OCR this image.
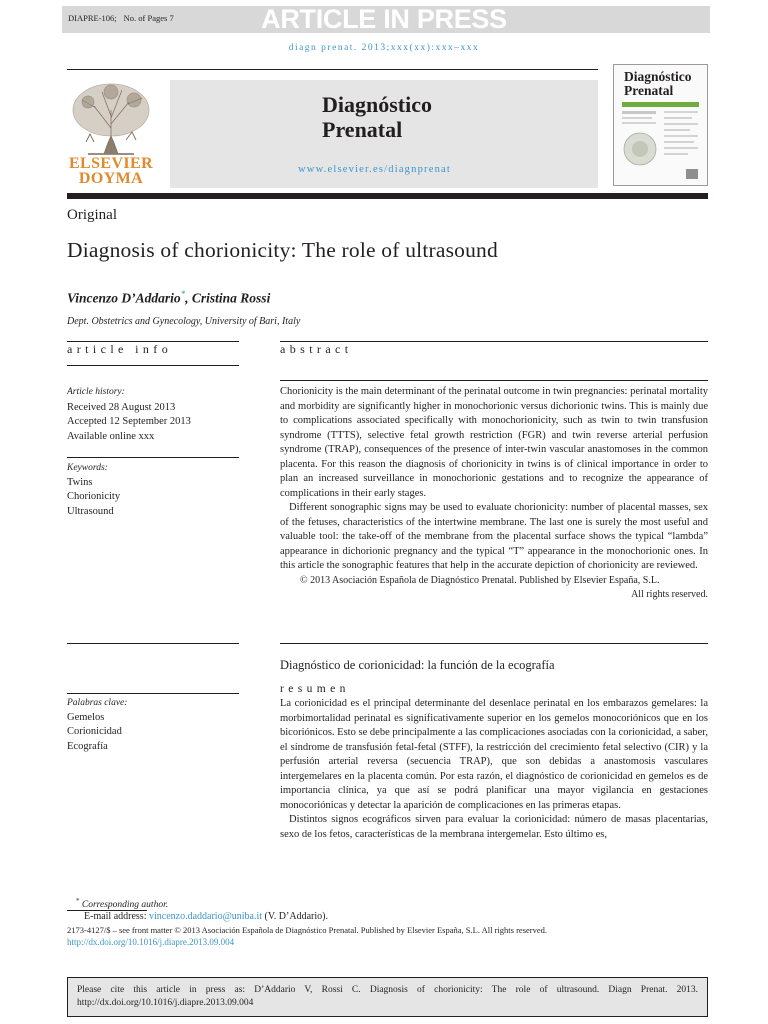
DIAPRE-106; No. of Pages 7	ARTICLE IN PRESS
diagn prenat. 2013;xxx(xx):xxx–xxx
ELSEVIER
DOYMA
Diagnóstico
Prenatal
www.elsevier.es/diagnprenat
Diagnóstico
Prenatal
Original
Diagnosis of chorionicity: The role of ultrasound
Vincenzo D’Addario*, Cristina Rossi
Dept. Obstetrics and Gynecology, University of Bari, Italy
article info
Article history:
Received 28 August 2013
Accepted 12 September 2013
Available online xxx
Keywords:
Twins
Chorionicity
Ultrasound
Palabras clave:
Gemelos
Corionicidad
Ecografía
abstract

Chorionicity is the main determinant of the perinatal outcome in twin pregnancies: perinatal mortality and morbidity are significantly higher in monochorionic versus dichorionic twins. This is mainly due to complications associated specifically with monochorionicity, such as twin to twin transfusion syndrome (TTTS), selective fetal growth restriction (FGR) and twin reverse arterial perfusion syndrome (TRAP), consequences of the presence of inter-twin vascular anastomoses in the common placenta. For this reason the diagnosis of chorionicity in twins is of clinical importance in order to plan an increased surveillance in monochorionic gestations and to recognize the appearance of complications in their early stages.

Different sonographic signs may be used to evaluate chorionicity: number of placental masses, sex of the fetuses, characteristics of the intertwine membrane. The last one is surely the most useful and valuable tool: the take-off of the membrane from the placental surface shows the typical “lambda” appearance in dichorionic pregnancy and the typical “T” appearance in the monochorionic ones. In this article the sonographic features that help in the accurate depiction of chorionicity are reviewed.

© 2013 Asociación Española de Diagnóstico Prenatal. Published by Elsevier España, S.L.

All rights reserved.

Diagnóstico de corionicidad: la función de la ecografía
resumen

La corionicidad es el principal determinante del desenlace perinatal en los embarazos gemelares: la morbimortalidad perinatal es significativamente superior en los gemelos monocoriónicos que en los bicoriónicos. Esto se debe principalmente a las complicaciones asociadas con la corionicidad, a saber, el síndrome de transfusión fetal-fetal (STFF), la restricción del crecimiento fetal selectivo (CIR) y la perfusión arterial reversa (secuencia TRAP), que son debidas a anastomosis vasculares intergemelares en la placenta común. Por esta razón, el diagnóstico de corionicidad en gemelos es de importancia clínica, ya que así se podrá planificar una mayor vigilancia en gestaciones monocoriónicas y detectar la aparición de complicaciones en las primeras etapas.

Distintos signos ecográficos sirven para evaluar la corionicidad: número de masas placentarias, sexo de los fetos, características de la membrana intergemelar. Esto último es,

* Corresponding author.
E-mail address: vincenzo.daddario@uniba.it (V. D’Addario).
2173-4127/$ – see front matter © 2013 Asociación Española de Diagnóstico Prenatal. Published by Elsevier España, S.L. All rights reserved.
http://dx.doi.org/10.1016/j.diapre.2013.09.004
Please cite this article in press as: D’Addario V, Rossi C. Diagnosis of chorionicity: The role of ultrasound. Diagn Prenat. 2013. http://dx.doi.org/10.1016/j.diapre.2013.09.004
